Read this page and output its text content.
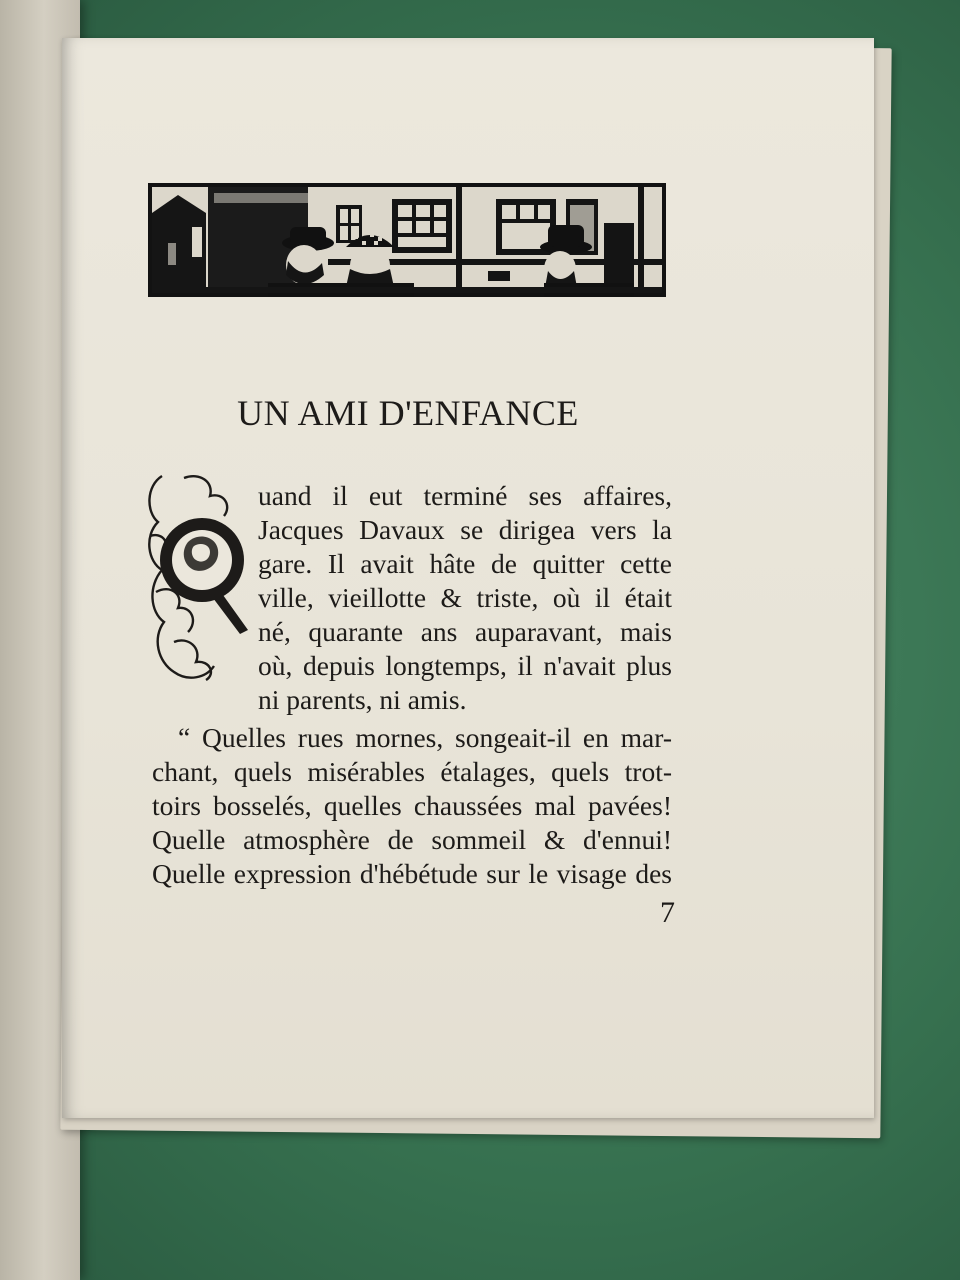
UN AMI D'ENFANCE
uand il eut terminé ses affaires,
Jacques Davaux se dirigea vers la
gare. Il avait hâte de quitter cette
ville, vieillotte & triste, où il était
né, quarante ans auparavant, mais
où, depuis longtemps, il n'avait plus
ni parents, ni amis.
“ Quelles rues mornes, songeait-il en mar-
chant, quels misérables étalages, quels trot-
toirs bosselés, quelles chaussées mal pavées!
Quelle atmosphère de sommeil & d'ennui!
Quelle expression d'hébétude sur le visage des
7
